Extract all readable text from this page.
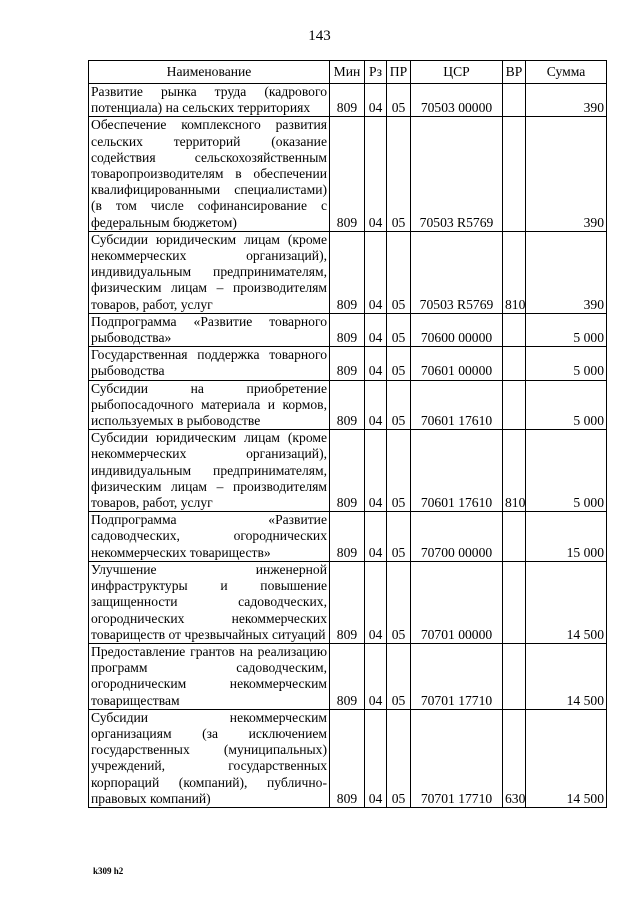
143
Наименование	Мин	Рз	ПР	ЦСР	ВР	Сумма
Развитие рынка труда (кадрового потенциала) на сельских территориях	809	04	05	70503 00000		390
Обеспечение комплексного развития сельских территорий (оказание содействия сельскохозяйственным товаропроизводителям в обеспечении квалифицированными специалистами) (в том числе софинансирование с федеральным бюджетом)	809	04	05	70503 R5769		390
Субсидии юридическим лицам (кроме некоммерческих организаций), индивидуальным предпринимателям, физическим лицам – производителям товаров, работ, услуг	809	04	05	70503 R5769	810	390
Подпрограмма «Развитие товарного рыбоводства»	809	04	05	70600 00000		5 000
Государственная поддержка товарного рыбоводства	809	04	05	70601 00000		5 000
Субсидии на приобретение рыбопосадочного материала и кормов, используемых в рыбоводстве	809	04	05	70601 17610		5 000
Субсидии юридическим лицам (кроме некоммерческих организаций), индивидуальным предпринимателям, физическим лицам – производителям товаров, работ, услуг	809	04	05	70601 17610	810	5 000
Подпрограмма «Развитие садоводческих, огороднических некоммерческих товариществ»	809	04	05	70700 00000		15 000
Улучшение инженерной инфраструктуры и повышение защищенности садоводческих, огороднических некоммерческих товариществ от чрезвычайных ситуаций	809	04	05	70701 00000		14 500
Предоставление грантов на реализацию программ садоводческим, огородническим некоммерческим товариществам	809	04	05	70701 17710		14 500
Субсидии некоммерческим организациям (за исключением государственных (муниципальных) учреждений, государственных корпораций (компаний), публично-правовых компаний)	809	04	05	70701 17710	630	14 500
k309 h2
